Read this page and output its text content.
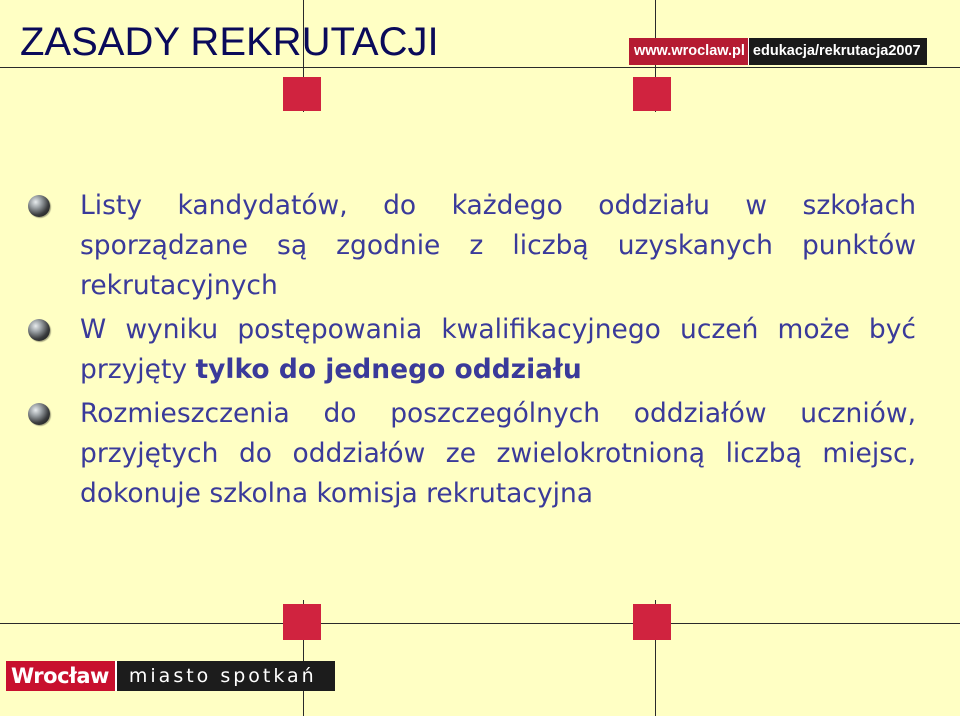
ZASADY REKRUTACJI	www.wroclaw.pl edukacja/rekrutacja2007

Listy kandydatów, do każdego oddziału w szkołach sporządzane są zgodnie z liczbą uzyskanych punktów rekrutacyjnych

W wyniku postępowania kwalifikacyjnego uczeń może być przyjęty tylko do jednego oddziału

Rozmieszczenia do poszczególnych oddziałów uczniów, przyjętych do oddziałów ze zwielokrotnioną liczbą miejsc, dokonuje szkolna komisja rekrutacyjna

Wrocław	miasto spotkań
